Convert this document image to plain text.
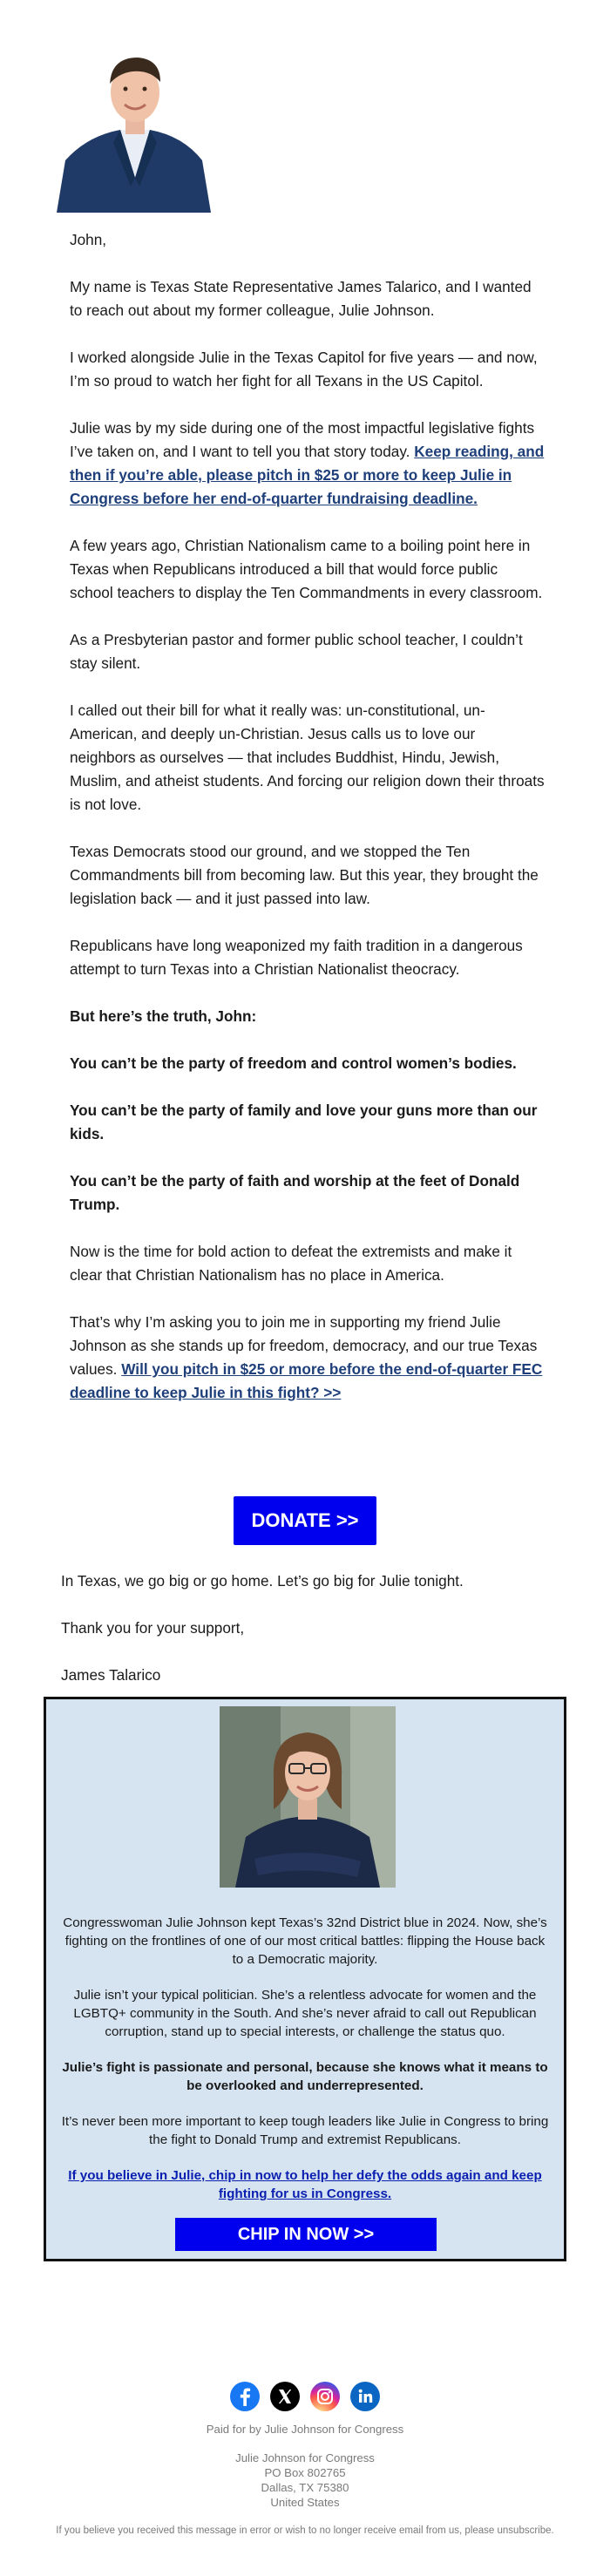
John,

My name is Texas State Representative James Talarico, and I wanted to reach out about my former colleague, Julie Johnson.

I worked alongside Julie in the Texas Capitol for five years — and now, I’m so proud to watch her fight for all Texans in the US Capitol.

Julie was by my side during one of the most impactful legislative fights I’ve taken on, and I want to tell you that story today. Keep reading, and then if you’re able, please pitch in $25 or more to keep Julie in Congress before her end-of-quarter fundraising deadline.

A few years ago, Christian Nationalism came to a boiling point here in Texas when Republicans introduced a bill that would force public school teachers to display the Ten Commandments in every classroom.

As a Presbyterian pastor and former public school teacher, I couldn’t stay silent.

I called out their bill for what it really was: un-constitutional, un-American, and deeply un-Christian. Jesus calls us to love our neighbors as ourselves — that includes Buddhist, Hindu, Jewish, Muslim, and atheist students. And forcing our religion down their throats is not love.

Texas Democrats stood our ground, and we stopped the Ten Commandments bill from becoming law. But this year, they brought the legislation back — and it just passed into law.

Republicans have long weaponized my faith tradition in a dangerous attempt to turn Texas into a Christian Nationalist theocracy.

But here’s the truth, John:

You can’t be the party of freedom and control women’s bodies.

You can’t be the party of family and love your guns more than our kids.

You can’t be the party of faith and worship at the feet of Donald Trump.

Now is the time for bold action to defeat the extremists and make it clear that Christian Nationalism has no place in America.

That’s why I’m asking you to join me in supporting my friend Julie Johnson as she stands up for freedom, democracy, and our true Texas values. Will you pitch in $25 or more before the end-of-quarter FEC deadline to keep Julie in this fight? >>

DONATE >>

In Texas, we go big or go home. Let’s go big for Julie tonight.

Thank you for your support,

James Talarico

Congresswoman Julie Johnson kept Texas’s 32nd District blue in 2024. Now, she’s fighting on the frontlines of one of our most critical battles: flipping the House back to a Democratic majority.

Julie isn’t your typical politician. She’s a relentless advocate for women and the LGBTQ+ community in the South. And she’s never afraid to call out Republican corruption, stand up to special interests, or challenge the status quo.

Julie’s fight is passionate and personal, because she knows what it means to be overlooked and underrepresented.

It’s never been more important to keep tough leaders like Julie in Congress to bring the fight to Donald Trump and extremist Republicans.

If you believe in Julie, chip in now to help her defy the odds again and keep fighting for us in Congress.

CHIP IN NOW >>
Paid for by Julie Johnson for Congress
Julie Johnson for Congress
PO Box 802765
Dallas, TX 75380
United States
If you believe you received this message in error or wish to no longer receive email from us, please unsubscribe.
